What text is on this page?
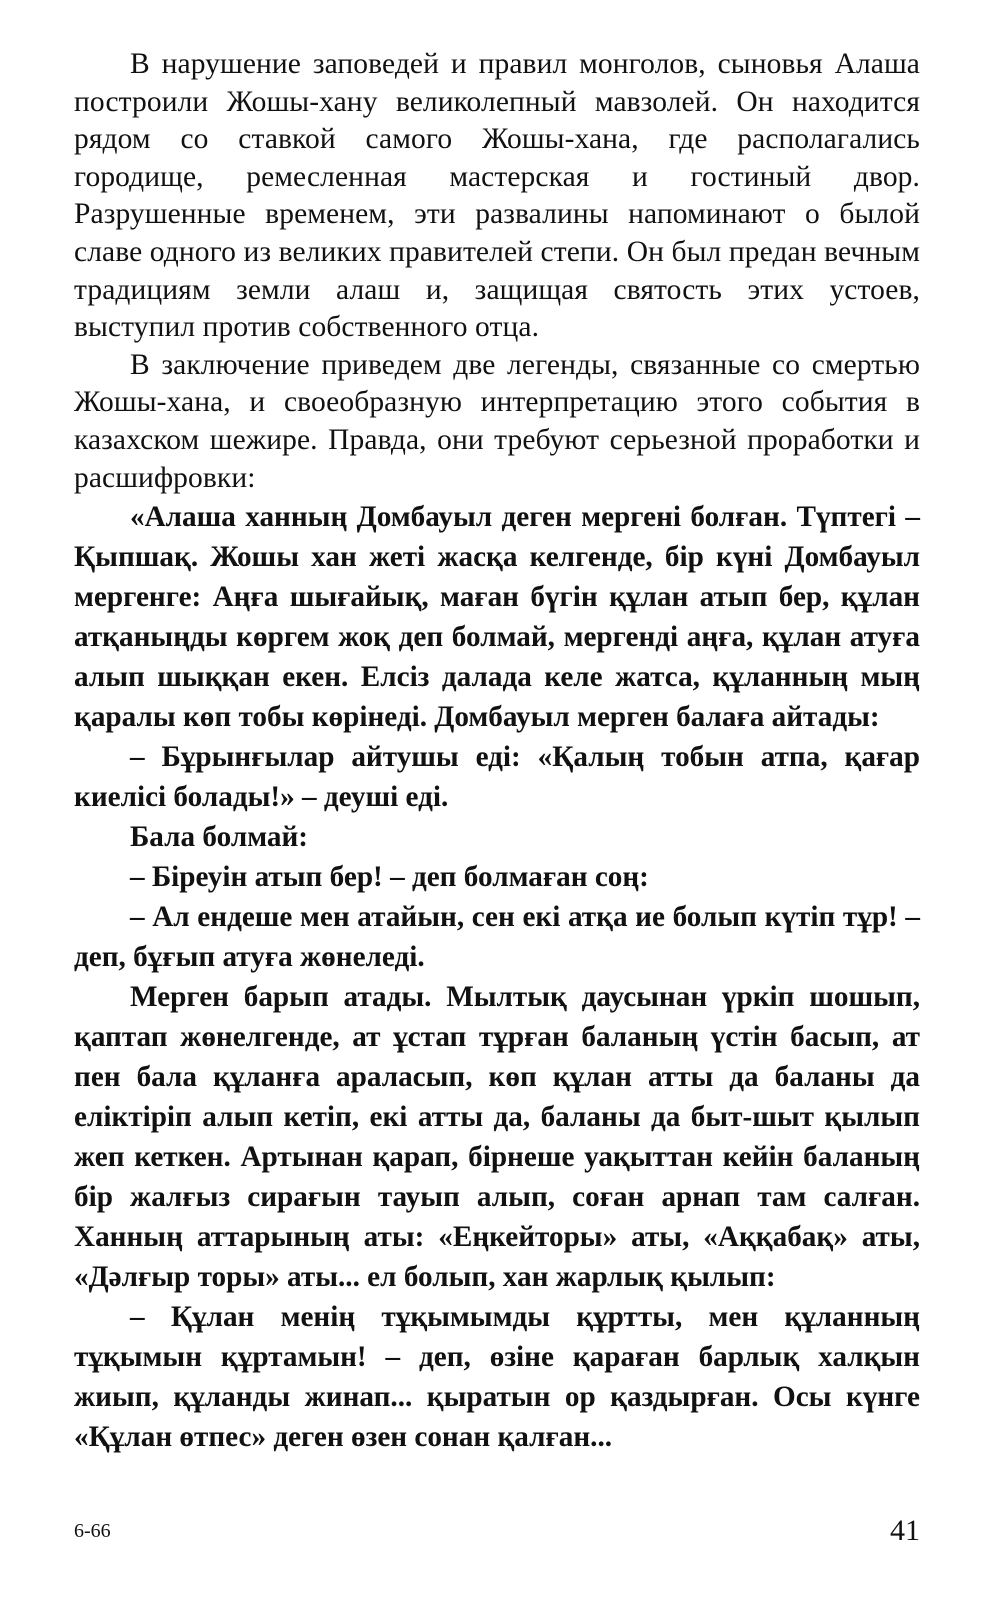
В нарушение заповедей и правил монголов, сыновья Алаша построили Жошы-хану великолепный мавзолей. Он находится рядом со ставкой самого Жошы-хана, где располагались городище, ремесленная мастерская и гостиный двор. Разрушенные временем, эти развалины напоминают о былой славе одного из великих правителей степи. Он был предан вечным традициям земли алаш и, защищая святость этих устоев, выступил против собственного отца.

В заключение приведем две легенды, связанные со смертью Жошы-хана, и своеобразную интерпретацию этого события в казахском шежире. Правда, они требуют серьезной проработки и расшифровки:

«Алаша ханның Домбауыл деген мергені болған. Түптегі – Қыпшақ. Жошы хан жеті жасқа келгенде, бір күні Домбауыл мергенге: Аңға шығайық, маған бүгін құлан атып бер, құлан атқаныңды көргем жоқ деп болмай, мергенді аңға, құлан атуға алып шыққан екен. Елсіз далада келе жатса, құланның мың қаралы көп тобы көрінеді. Домбауыл мерген балаға айтады:

– Бұрынғылар айтушы еді: «Қалың тобын атпа, қағар киелісі болады!» – деуші еді.

Бала болмай:

– Біреуін атып бер! – деп болмаған соң:

– Ал ендеше мен атайын, сен екі атқа ие болып күтіп тұр! – деп, бұғып атуға жөнеледі.

Мерген барып атады. Мылтық даусынан үркіп шошып, қаптап жөнелгенде, ат ұстап тұрған баланың үстін басып, ат пен бала құланға араласып, көп құлан атты да баланы да еліктіріп алып кетіп, екі атты да, баланы да быт-шыт қылып жеп кеткен. Артынан қарап, бірнеше уақыттан кейін баланың бір жалғыз сирағын тауып алып, соған арнап там салған. Ханның аттарының аты: «Еңкейторы» аты, «Аққабақ» аты, «Дәлғыр торы» аты... ел болып, хан жарлық қылып:

– Құлан менің тұқымымды құртты, мен құланның тұқымын құртамын! – деп, өзіне қараған барлық халқын жиып, құланды жинап... қыратын ор қаздырған. Осы күнге «Құлан өтпес» деген өзен сонан қалған...

6-66	41
